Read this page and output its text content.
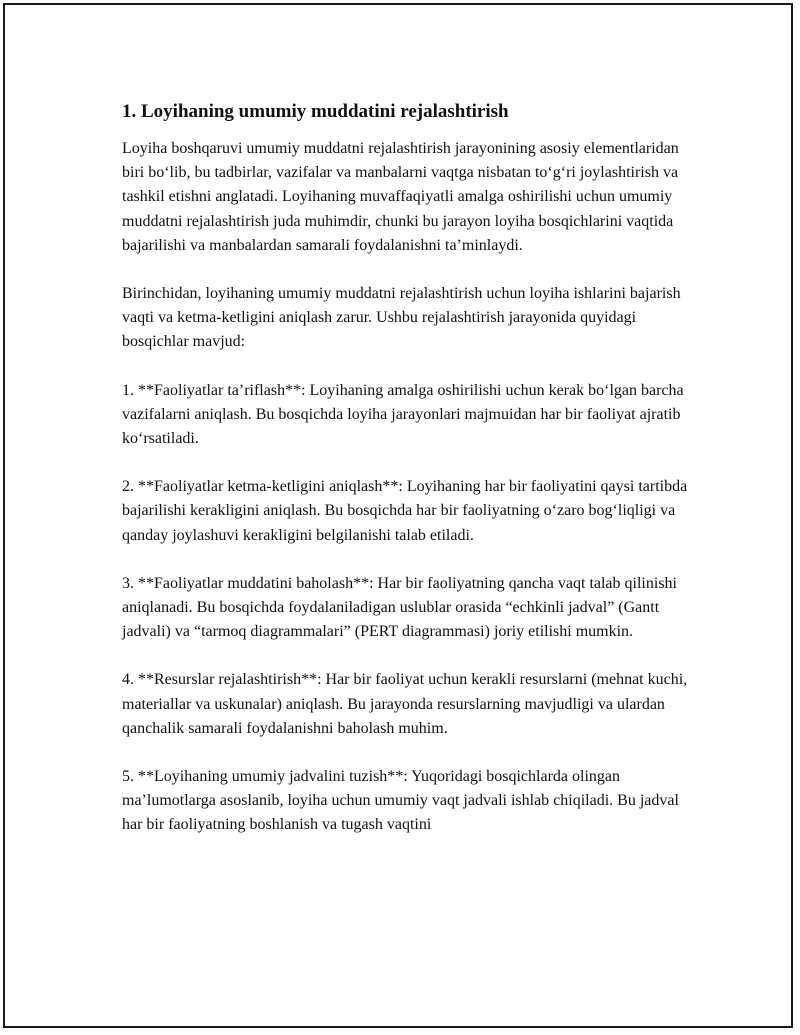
1. Loyihaning umumiy muddatini rejalashtirish

Loyiha boshqaruvi umumiy muddatni rejalashtirish jarayonining asosiy elementlaridan biri bo‘lib, bu tadbirlar, vazifalar va manbalarni vaqtga nisbatan to‘g‘ri joylashtirish va tashkil etishni anglatadi. Loyihaning muvaffaqiyatli amalga oshirilishi uchun umumiy muddatni rejalashtirish juda muhimdir, chunki bu jarayon loyiha bosqichlarini vaqtida bajarilishi va manbalardan samarali foydalanishni ta’minlaydi.

Birinchidan, loyihaning umumiy muddatni rejalashtirish uchun loyiha ishlarini bajarish vaqti va ketma-ketligini aniqlash zarur. Ushbu rejalashtirish jarayonida quyidagi bosqichlar mavjud:

1. **Faoliyatlar ta’riflash**: Loyihaning amalga oshirilishi uchun kerak bo‘lgan barcha vazifalarni aniqlash. Bu bosqichda loyiha jarayonlari majmuidan har bir faoliyat ajratib ko‘rsatiladi.

2. **Faoliyatlar ketma-ketligini aniqlash**: Loyihaning har bir faoliyatini qaysi tartibda bajarilishi kerakligini aniqlash. Bu bosqichda har bir faoliyatning o‘zaro bog‘liqligi va qanday joylashuvi kerakligini belgilanishi talab etiladi.

3. **Faoliyatlar muddatini baholash**: Har bir faoliyatning qancha vaqt talab qilinishi aniqlanadi. Bu bosqichda foydalaniladigan uslublar orasida “echkinli jadval” (Gantt jadvali) va “tarmoq diagrammalari” (PERT diagrammasi) joriy etilishi mumkin.

4. **Resurslar rejalashtirish**: Har bir faoliyat uchun kerakli resurslarni (mehnat kuchi, materiallar va uskunalar) aniqlash. Bu jarayonda resurslarning mavjudligi va ulardan qanchalik samarali foydalanishni baholash muhim.

5. **Loyihaning umumiy jadvalini tuzish**: Yuqoridagi bosqichlarda olingan ma’lumotlarga asoslanib, loyiha uchun umumiy vaqt jadvali ishlab chiqiladi. Bu jadval har bir faoliyatning boshlanish va tugash vaqtini
